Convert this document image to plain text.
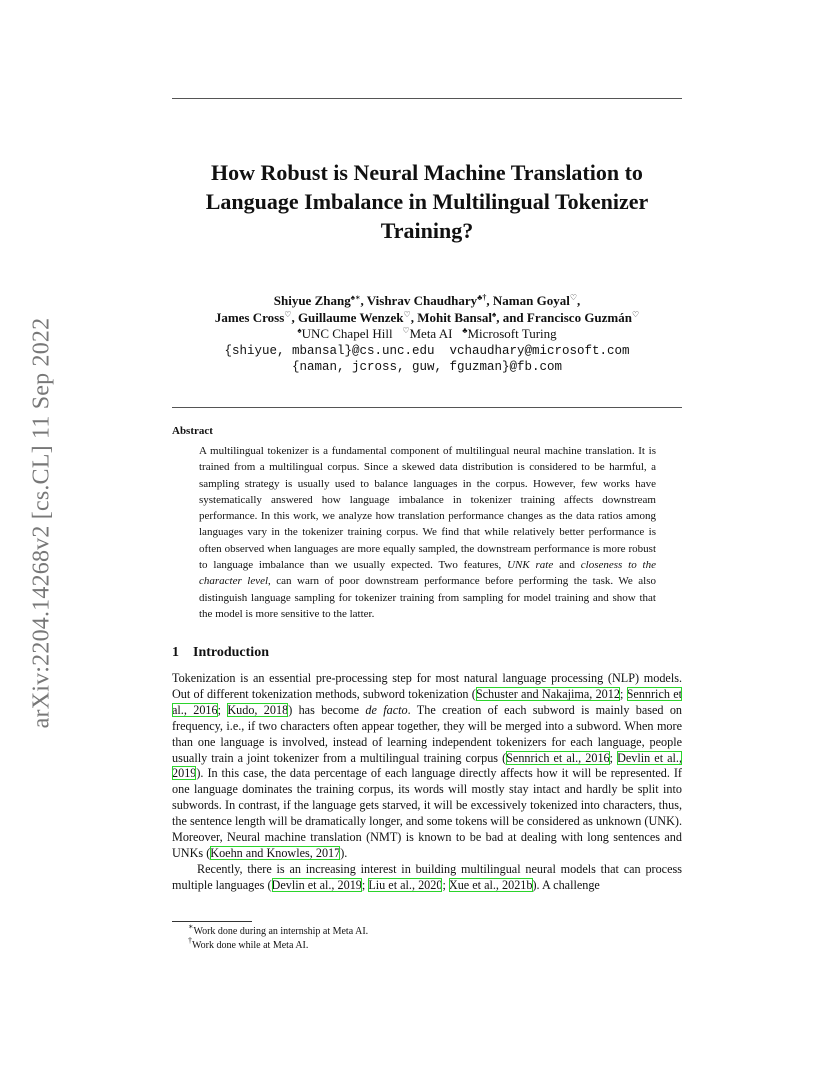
arXiv:2204.14268v2 [cs.CL] 11 Sep 2022
How Robust is Neural Machine Translation to
Language Imbalance in Multilingual Tokenizer
Training?
Shiyue Zhang♠∗, Vishrav Chaudhary♣†, Naman Goyal♡,
James Cross♡, Guillaume Wenzek♡, Mohit Bansal♠, and Francisco Guzmán♡
♠UNC Chapel Hill ♡Meta AI ♣Microsoft Turing
{shiyue, mbansal}@cs.unc.edu  vchaudhary@microsoft.com
{naman, jcross, guw, fguzman}@fb.com
Abstract
A multilingual tokenizer is a fundamental component of multilingual neural machine translation. It is trained from a multilingual corpus. Since a skewed data distribution is considered to be harmful, a sampling strategy is usually used to balance languages in the corpus. However, few works have systematically answered how language imbalance in tokenizer training affects downstream performance. In this work, we analyze how translation performance changes as the data ratios among languages vary in the tokenizer training corpus. We find that while relatively better performance is often observed when languages are more equally sampled, the downstream performance is more robust to language imbalance than we usually expected. Two features, UNK rate and closeness to the character level, can warn of poor downstream performance before performing the task. We also distinguish language sampling for tokenizer training from sampling for model training and show that the model is more sensitive to the latter.
1 Introduction

Tokenization is an essential pre-processing step for most natural language processing (NLP) models. Out of different tokenization methods, subword tokenization (Schuster and Nakajima, 2012; Sennrich et al., 2016; Kudo, 2018) has become de facto. The creation of each subword is mainly based on frequency, i.e., if two characters often appear together, they will be merged into a subword. When more than one language is involved, instead of learning independent tokenizers for each language, people usually train a joint tokenizer from a multilingual training corpus (Sennrich et al., 2016; Devlin et al., 2019). In this case, the data percentage of each language directly affects how it will be represented. If one language dominates the training corpus, its words will mostly stay intact and hardly be split into subwords. In contrast, if the language gets starved, it will be excessively tokenized into characters, thus, the sentence length will be dramatically longer, and some tokens will be considered as unknown (UNK). Moreover, Neural machine translation (NMT) is known to be bad at dealing with long sentences and UNKs (Koehn and Knowles, 2017).

Recently, there is an increasing interest in building multilingual neural models that can process multiple languages (Devlin et al., 2019; Liu et al., 2020; Xue et al., 2021b). A challenge

∗Work done during an internship at Meta AI.
†Work done while at Meta AI.
